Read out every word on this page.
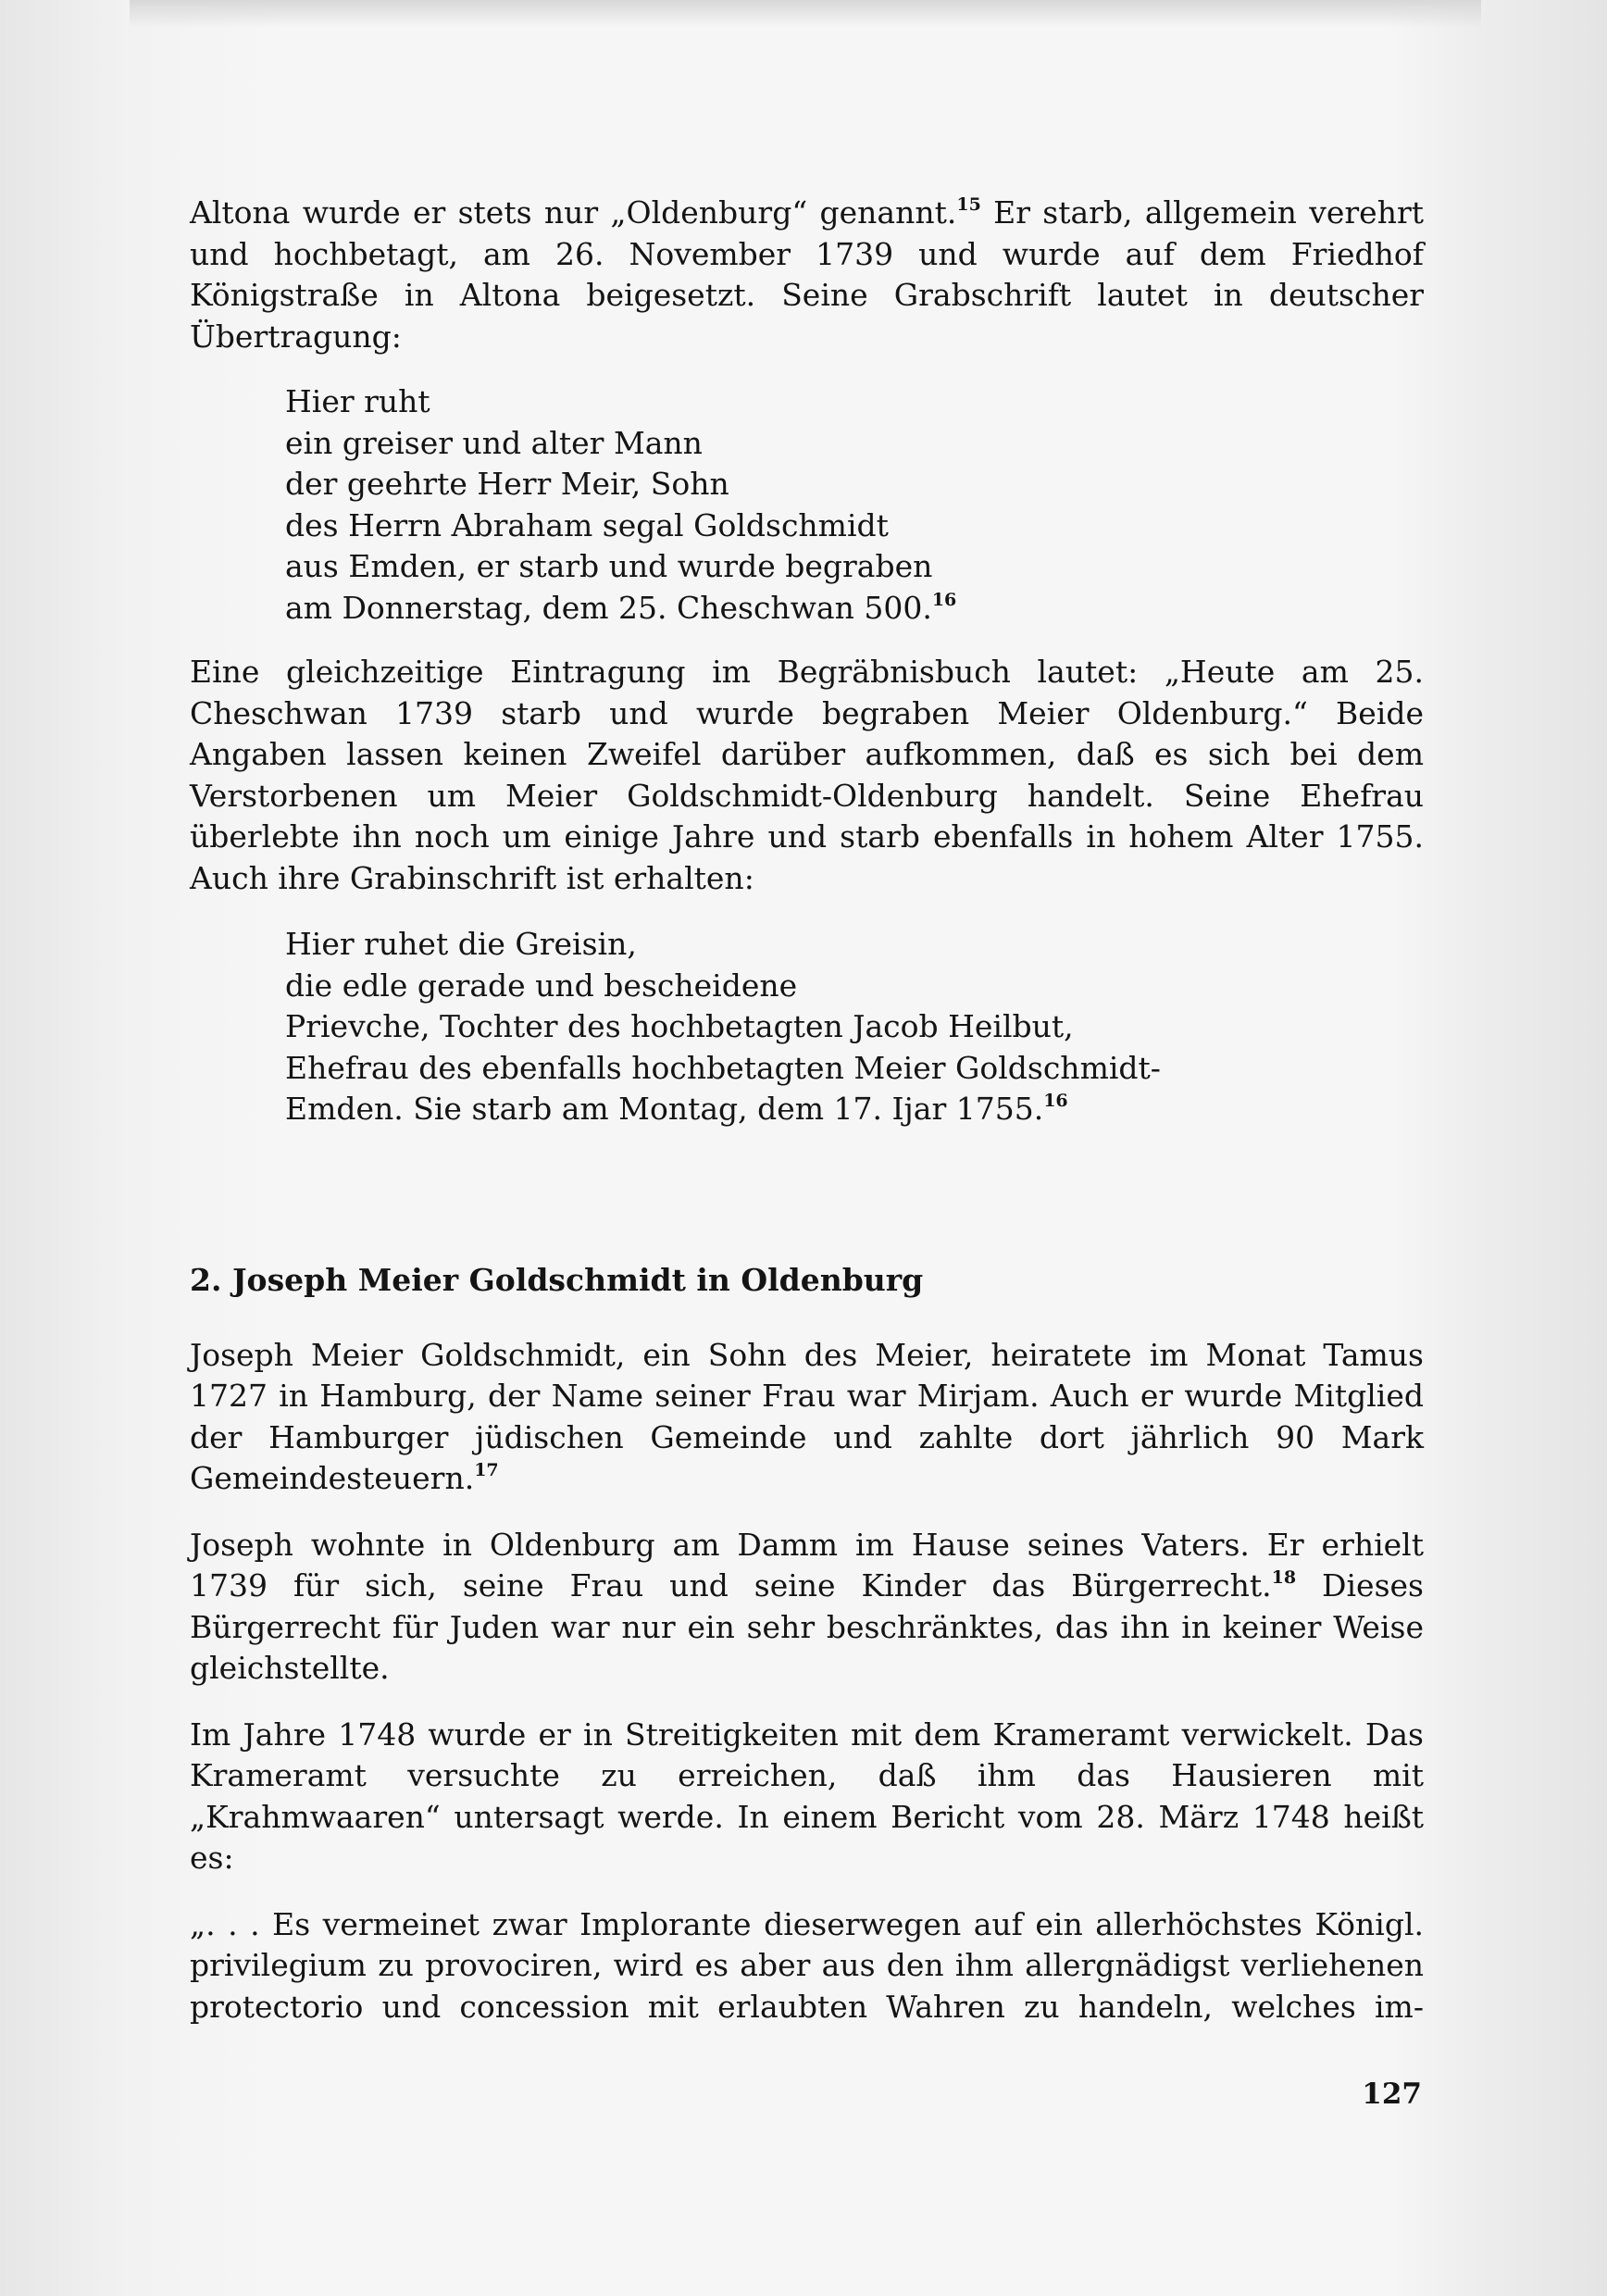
Altona wurde er stets nur „Oldenburg“ genannt.$^{15}$ Er starb, allgemein verehrt und hochbetagt, am 26. November 1739 und wurde auf dem Friedhof Königstraße in Altona beigesetzt. Seine Grabschrift lautet in deutscher Übertragung:

Hier ruht
ein greiser und alter Mann
der geehrte Herr Meir, Sohn
des Herrn Abraham segal Goldschmidt
aus Emden, er starb und wurde begraben
am Donnerstag, dem 25. Cheschwan 500.16

Eine gleichzeitige Eintragung im Begräbnisbuch lautet: „Heute am 25. Cheschwan 1739 starb und wurde begraben Meier Oldenburg.“ Beide Angaben lassen keinen Zweifel darüber aufkommen, daß es sich bei dem Verstorbenen um Meier Goldschmidt-Oldenburg handelt. Seine Ehefrau überlebte ihn noch um einige Jahre und starb ebenfalls in hohem Alter 1755. Auch ihre Grabinschrift ist erhalten:

Hier ruhet die Greisin,
die edle gerade und bescheidene
Prievche, Tochter des hochbetagten Jacob Heilbut,
Ehefrau des ebenfalls hochbetagten Meier Goldschmidt-
Emden. Sie starb am Montag, dem 17. Ijar 1755.16
2. Joseph Meier Goldschmidt in Oldenburg

Joseph Meier Goldschmidt, ein Sohn des Meier, heiratete im Monat Tamus 1727 in Hamburg, der Name seiner Frau war Mirjam. Auch er wurde Mitglied der Hamburger jüdischen Gemeinde und zahlte dort jährlich 90 Mark Gemeindesteuern.$^{17}$

Joseph wohnte in Oldenburg am Damm im Hause seines Vaters. Er erhielt 1739 für sich, seine Frau und seine Kinder das Bürgerrecht.$^{18}$ Dieses Bürgerrecht für Juden war nur ein sehr beschränktes, das ihn in keiner Weise gleichstellte.

Im Jahre 1748 wurde er in Streitigkeiten mit dem Krameramt verwickelt. Das Krameramt versuchte zu erreichen, daß ihm das Hausieren mit „Krahmwaaren“ untersagt werde. In einem Bericht vom 28. März 1748 heißt es:

„. . . Es vermeinet zwar Implorante dieserwegen auf ein allerhöchstes Königl. privilegium zu provociren, wird es aber aus den ihm allergnädigst verliehenen protectorio und concession mit erlaubten Wahren zu handeln, welches im-

127
